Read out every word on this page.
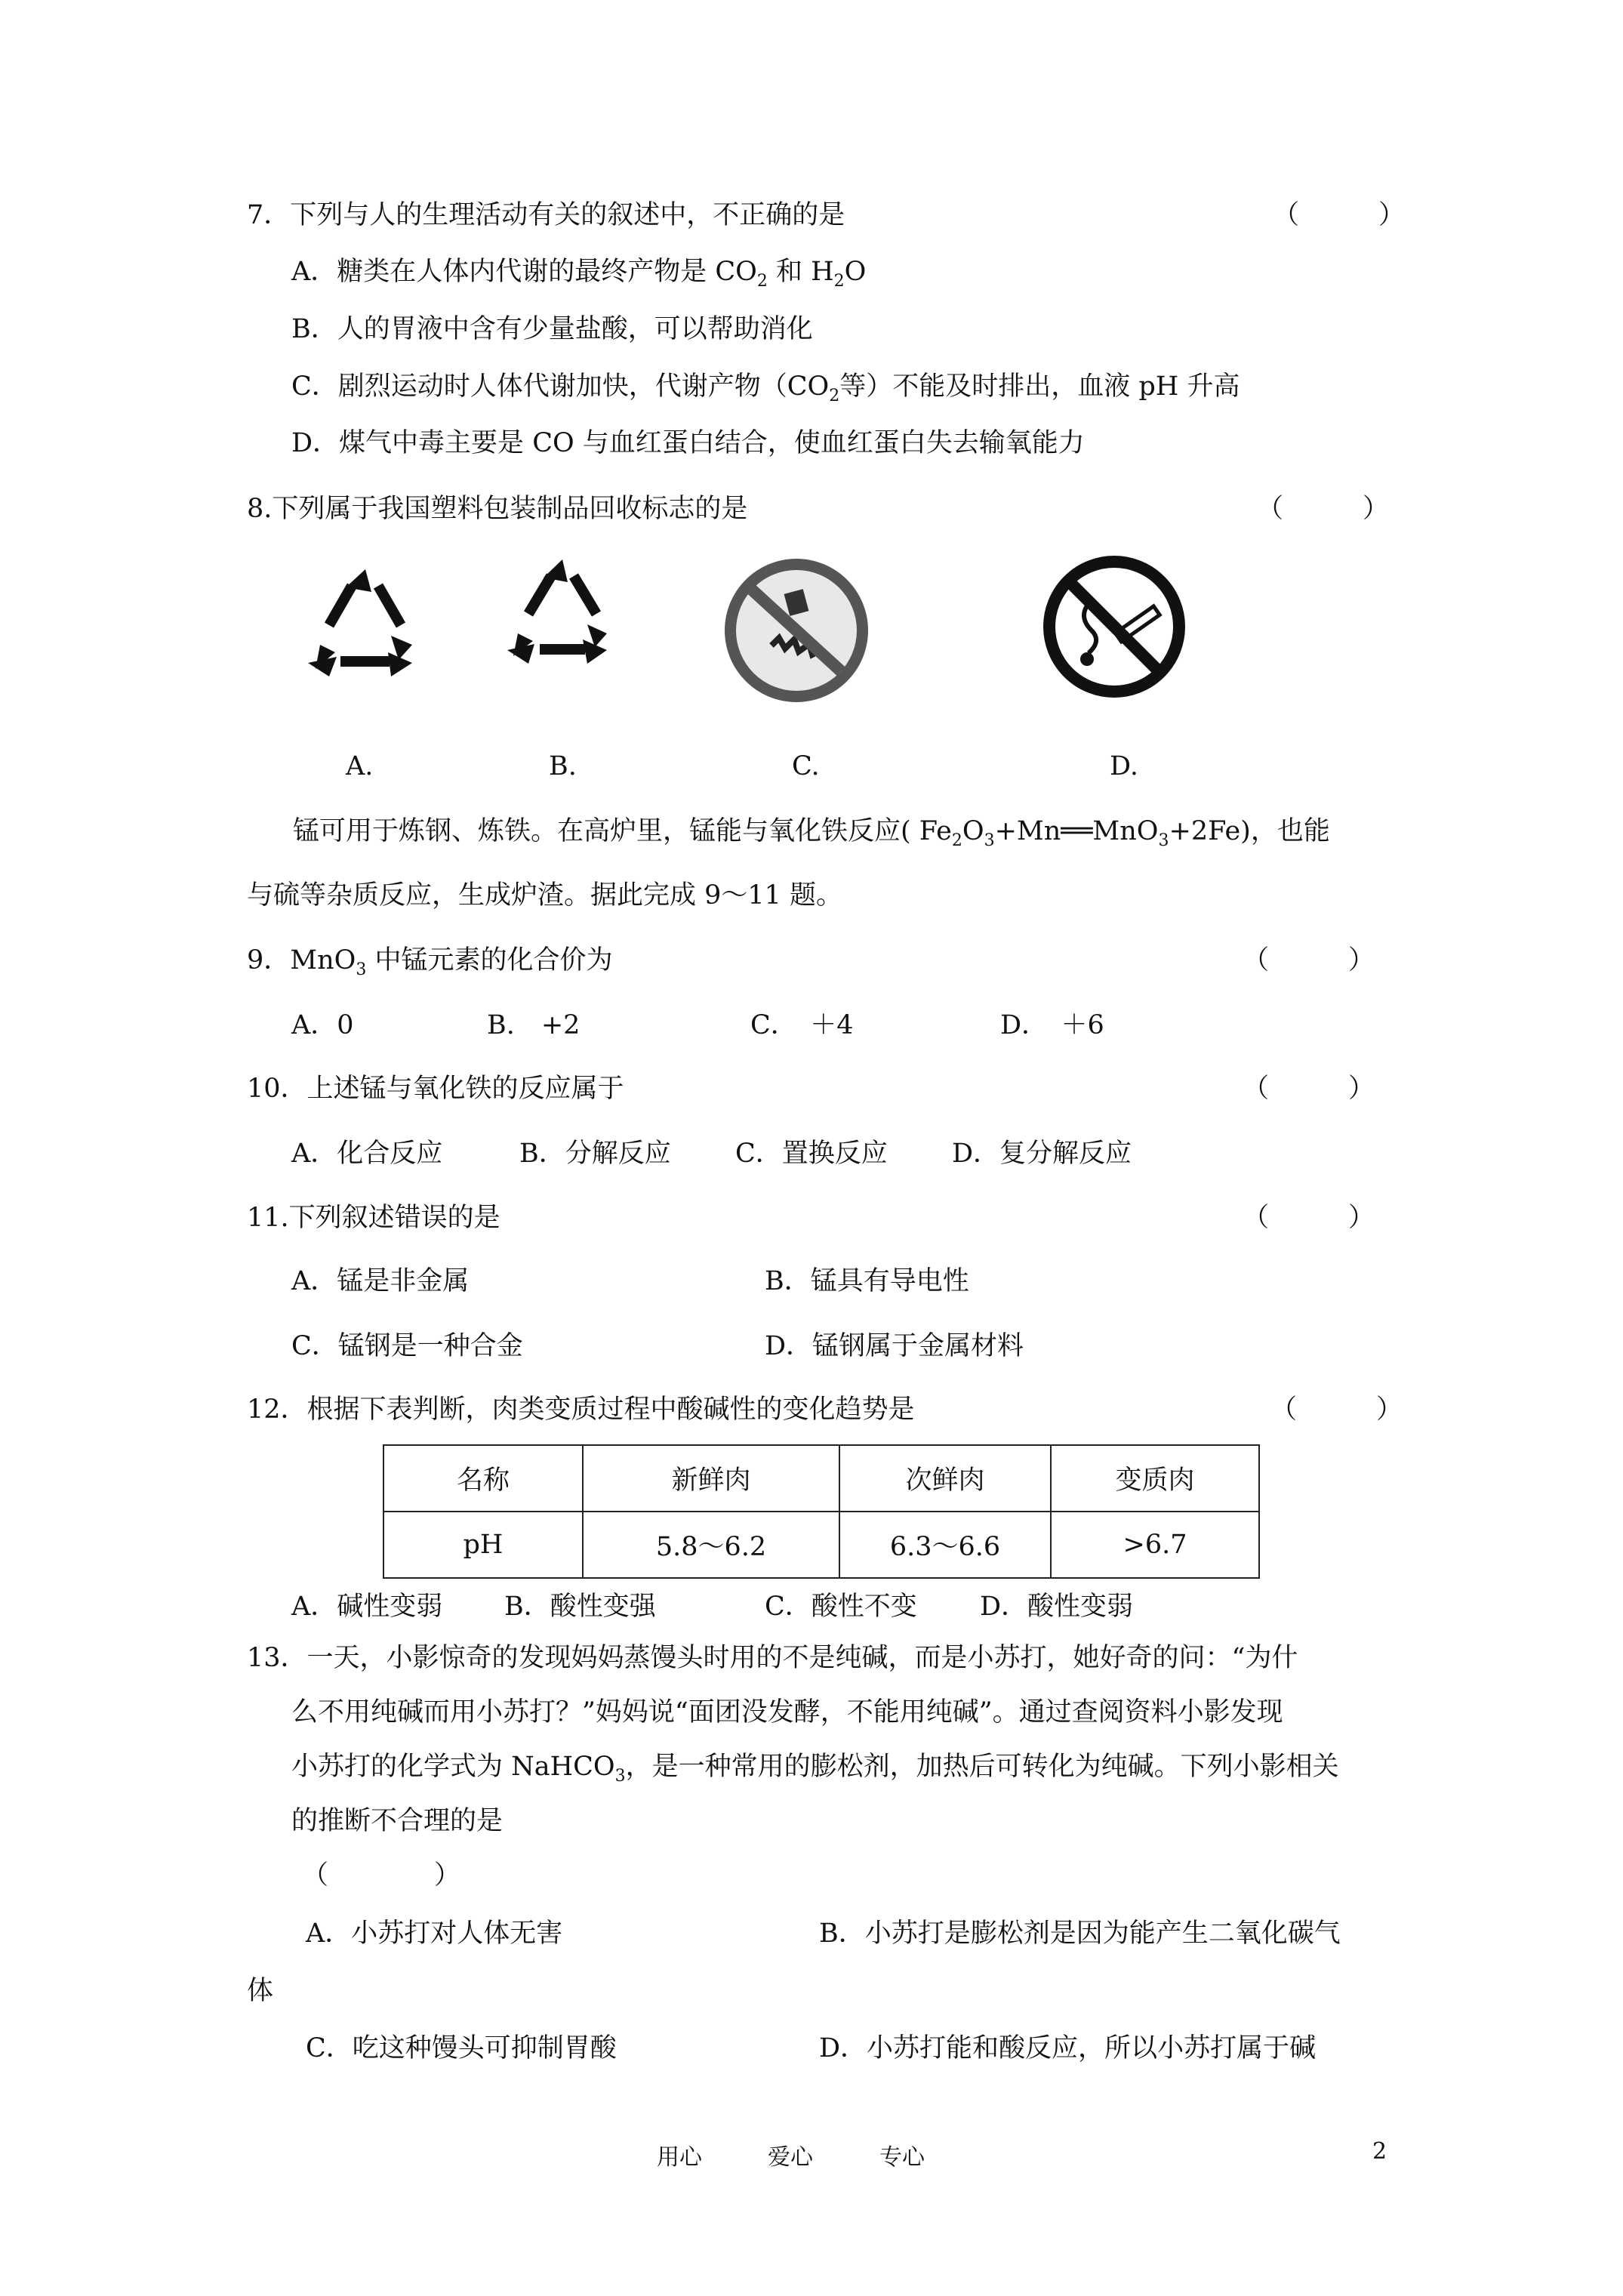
7．下列与人的生理活动有关的叙述中，不正确的是	（　　　）
A．糖类在人体内代谢的最终产物是 $CO_2$ 和 $H_2O$
B．人的胃液中含有少量盐酸，可以帮助消化
C．剧烈运动时人体代谢加快，代谢产物（$CO_2$等）不能及时排出，血液 pH 升高
D．煤气中毒主要是 CO 与血红蛋白结合，使血红蛋白失去输氧能力
8.下列属于我国塑料包装制品回收标志的是	（　　　）
A.	B.	C.	D.
锰可用于炼钢、炼铁。在高炉里，锰能与氧化铁反应( $Fe_2O_3+Mn══MnO_3+2Fe$)，也能
与硫等杂质反应，生成炉渣。据此完成 9～11 题。
9．MnO$_3$ 中锰元素的化合价为	（　　　）
A．0	B.　+2	C．　＋4	D．　＋6
10．上述锰与氧化铁的反应属于	（　　　）
A．化合反应	B．分解反应 C．置换反应 D．复分解反应
11.下列叙述错误的是	（　　　）
A．锰是非金属	B．锰具有导电性
C．锰钢是一种合金	D．锰钢属于金属材料
12．根据下表判断，肉类变质过程中酸碱性的变化趋势是	（　　　）
名称	新鲜肉	次鲜肉	变质肉
pH	5.8～6.2	6.3～6.6	>6.7
A．碱性变弱 B．酸性变强	C．酸性不变 D．酸性变弱
13．一天，小影惊奇的发现妈妈蒸馒头时用的不是纯碱，而是小苏打，她好奇的问：“为什
么不用纯碱而用小苏打？”妈妈说“面团没发酵，不能用纯碱”。通过查阅资料小影发现
小苏打的化学式为 NaHCO$_3$，是一种常用的膨松剂，加热后可转化为纯碱。下列小影相关
的推断不合理的是
（　　　　）
A．小苏打对人体无害	B．小苏打是膨松剂是因为能产生二氧化碳气
体
C．吃这种馒头可抑制胃酸	D．小苏打能和酸反应，所以小苏打属于碱
用心	爱心	专心	2
